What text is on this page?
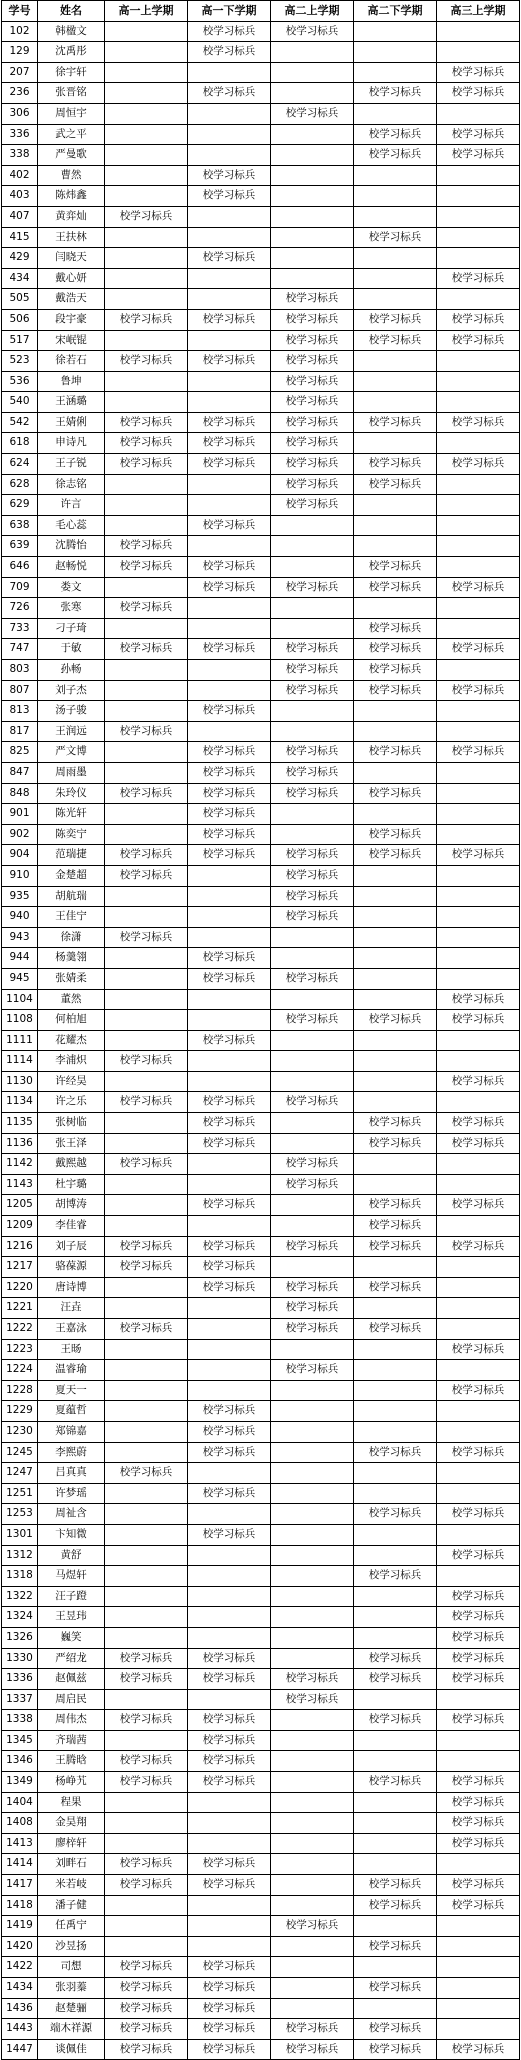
学号	姓名	高一上学期	高一下学期	高二上学期	高二下学期	高三上学期
102	韩楹文		校学习标兵	校学习标兵		
129	沈禹彤		校学习标兵			
207	徐宇轩					校学习标兵
236	张晋铭		校学习标兵		校学习标兵	校学习标兵
306	周恒宇			校学习标兵		
336	武之平				校学习标兵	校学习标兵
338	严曼歌				校学习标兵	校学习标兵
402	曹然		校学习标兵			
403	陈炜鑫		校学习标兵			
407	黄弈灿	校学习标兵				
415	王扶林				校学习标兵	
429	闫晓天		校学习标兵			
434	戴心妍					校学习标兵
505	戴浩天			校学习标兵		
506	段宇豪	校学习标兵	校学习标兵	校学习标兵	校学习标兵	校学习标兵
517	宋岷锟			校学习标兵	校学习标兵	校学习标兵
523	徐若石	校学习标兵	校学习标兵	校学习标兵		
536	鲁坤			校学习标兵		
540	王涵璐			校学习标兵		
542	王婧俐	校学习标兵	校学习标兵	校学习标兵	校学习标兵	校学习标兵
618	申诗凡	校学习标兵	校学习标兵	校学习标兵		
624	王子锐	校学习标兵	校学习标兵	校学习标兵	校学习标兵	校学习标兵
628	徐志铭			校学习标兵	校学习标兵	
629	许言			校学习标兵		
638	毛心蕊		校学习标兵			
639	沈腾怡	校学习标兵				
646	赵畅悦	校学习标兵	校学习标兵		校学习标兵	
709	娄文		校学习标兵	校学习标兵	校学习标兵	校学习标兵
726	张寒	校学习标兵				
733	刁子琦				校学习标兵	
747	于敏	校学习标兵	校学习标兵	校学习标兵	校学习标兵	校学习标兵
803	孙畅			校学习标兵	校学习标兵	
807	刘子杰			校学习标兵	校学习标兵	校学习标兵
813	汤子骏		校学习标兵			
817	王润远	校学习标兵				
825	严文博		校学习标兵	校学习标兵	校学习标兵	校学习标兵
847	周雨墨		校学习标兵	校学习标兵		
848	朱玲仪	校学习标兵	校学习标兵	校学习标兵	校学习标兵	
901	陈光轩		校学习标兵			
902	陈奕宁		校学习标兵		校学习标兵	
904	范瑞捷	校学习标兵	校学习标兵	校学习标兵	校学习标兵	校学习标兵
910	金楚超	校学习标兵		校学习标兵		
935	胡航瑞			校学习标兵		
940	王佳宁			校学习标兵		
943	徐潇	校学习标兵				
944	杨羹翎		校学习标兵			
945	张婧柔		校学习标兵	校学习标兵		
1104	董然					校学习标兵
1108	何柏旭			校学习标兵	校学习标兵	校学习标兵
1111	花耀杰		校学习标兵			
1114	李浦炽	校学习标兵				
1130	许经昊					校学习标兵
1134	许之乐	校学习标兵	校学习标兵	校学习标兵		
1135	张树临		校学习标兵		校学习标兵	校学习标兵
1136	张王泽		校学习标兵		校学习标兵	校学习标兵
1142	戴熙越	校学习标兵		校学习标兵		
1143	杜宇璐			校学习标兵		
1205	胡博涛		校学习标兵		校学习标兵	校学习标兵
1209	李佳睿				校学习标兵	
1216	刘子辰	校学习标兵	校学习标兵	校学习标兵	校学习标兵	校学习标兵
1217	骆葆源	校学习标兵	校学习标兵			
1220	唐诗博		校学习标兵	校学习标兵	校学习标兵	
1221	汪垚			校学习标兵		
1222	王嘉泳	校学习标兵		校学习标兵	校学习标兵	
1223	王旸					校学习标兵
1224	温睿瑜			校学习标兵		
1228	夏天一					校学习标兵
1229	夏蕴哲		校学习标兵			
1230	郑锦嘉		校学习标兵			
1245	李熙蔚		校学习标兵		校学习标兵	校学习标兵
1247	吕真真	校学习标兵				
1251	许梦瑶		校学习标兵			
1253	周祉含				校学习标兵	校学习标兵
1301	卞知微		校学习标兵			
1312	黄舒					校学习标兵
1318	马煜轩				校学习标兵	
1322	汪子蹬					校学习标兵
1324	王昱玮					校学习标兵
1326	巍笑					校学习标兵
1330	严绍龙	校学习标兵	校学习标兵		校学习标兵	校学习标兵
1336	赵佩兹	校学习标兵	校学习标兵	校学习标兵	校学习标兵	校学习标兵
1337	周启民			校学习标兵		
1338	周伟杰	校学习标兵	校学习标兵		校学习标兵	校学习标兵
1345	齐瑞茜		校学习标兵			
1346	王腾晗	校学习标兵	校学习标兵			
1349	杨峥艽	校学习标兵	校学习标兵		校学习标兵	校学习标兵
1404	程果					校学习标兵
1408	金昊翔					校学习标兵
1413	廖梓轩					校学习标兵
1414	刘畔石	校学习标兵	校学习标兵			
1417	米若岐	校学习标兵	校学习标兵		校学习标兵	校学习标兵
1418	潘子健				校学习标兵	校学习标兵
1419	任禹宁			校学习标兵		
1420	沙昱扬				校学习标兵	
1422	司想	校学习标兵	校学习标兵			
1434	张羽蓁	校学习标兵	校学习标兵		校学习标兵	
1436	赵楚骊	校学习标兵	校学习标兵			
1443	端木祥源	校学习标兵	校学习标兵	校学习标兵	校学习标兵	
1447	谈佩佳	校学习标兵	校学习标兵	校学习标兵	校学习标兵	校学习标兵
